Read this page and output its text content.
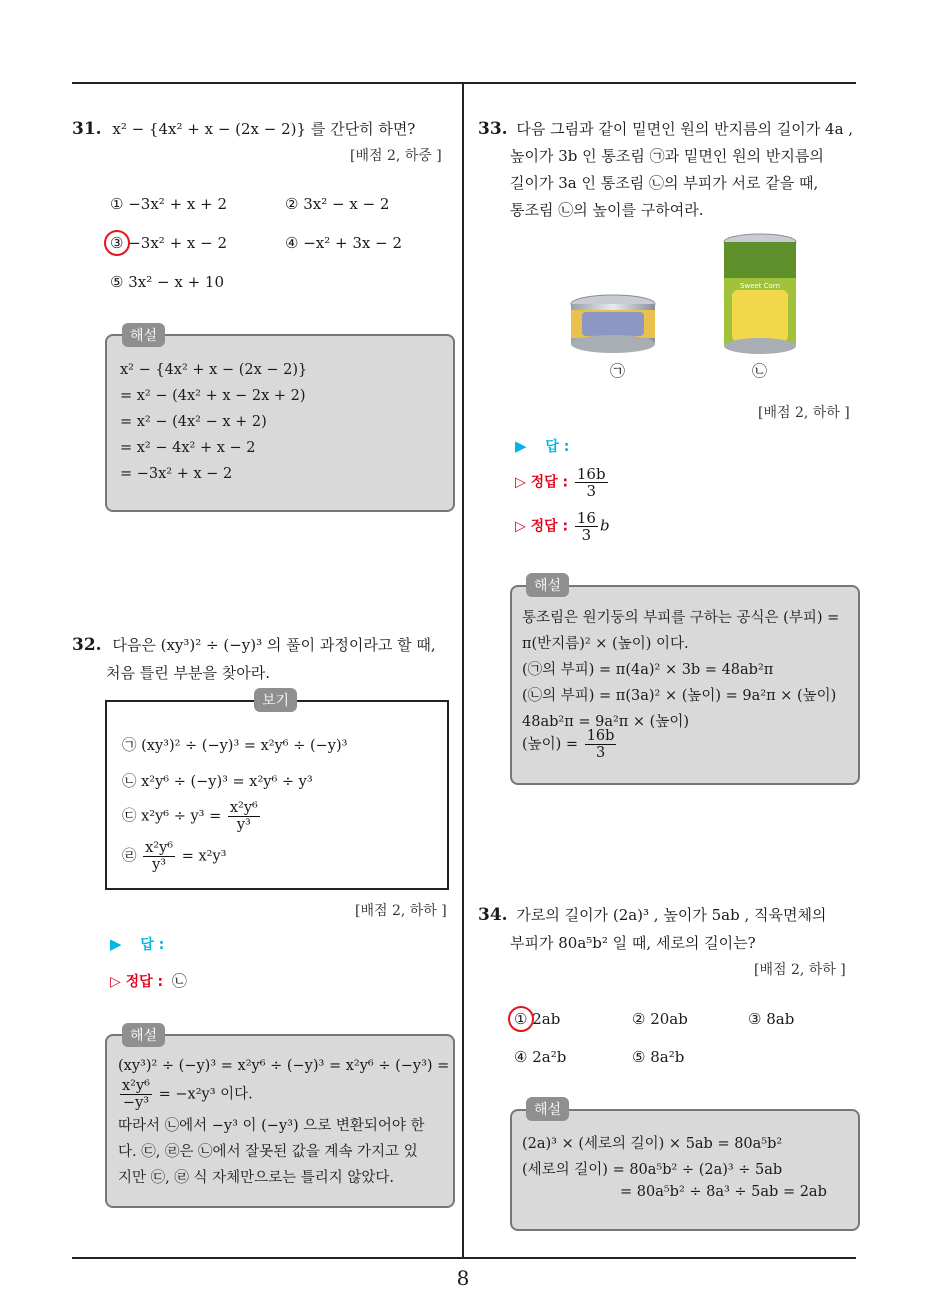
8
31. x² − {4x² + x − (2x − 2)} 를 간단히 하면?
[배점 2, 하중 ]
① −3x² + x + 2	② 3x² − x − 2
③ −3x² + x − 2	④ −x² + 3x − 2
⑤ 3x² − x + 10
해설
x² − {4x² + x − (2x − 2)}
= x² − (4x² + x − 2x + 2)
= x² − (4x² − x + 2)
= x² − 4x² + x − 2
= −3x² + x − 2
32. 다음은 (xy³)² ÷ (−y)³ 의 풀이 과정이라고 할 때,
처음 틀린 부분을 찾아라.
보기
㉠ (xy³)² ÷ (−y)³ = x²y⁶ ÷ (−y)³
㉡ x²y⁶ ÷ (−y)³ = x²y⁶ ÷ y³
㉢ $x^2y^6 \div y^3 = \frac{\text{x²y⁶}}{\text{y³}}$
㉣ $\frac{\text{x²y⁶}}{\text{y³}} = x^2y^3$
[배점 2, 하하 ]
▶ 답 :
▷ 정답 : ㉡
해설
(xy³)² ÷ (−y)³ = x²y⁶ ÷ (−y)³ = x²y⁶ ÷ (−y³) =
$\frac{\text{x²y⁶}}{\text{−y³}} = -x^2y^3$ 이다.
따라서 ㉡에서 −y³ 이 (−y³) 으로 변환되어야 한
다. ㉢, ㉣은 ㉡에서 잘못된 값을 계속 가지고 있
지만 ㉢, ㉣ 식 자체만으로는 틀리지 않았다.
33. 다음 그림과 같이 밑면인 원의 반지름의 길이가 4a ,
높이가 3b 인 통조림 ㉠과 밑면인 원의 반지름의
길이가 3a 인 통조림 ㉡의 부피가 서로 같을 때,
통조림 ㉡의 높이를 구하여라.
Sweet Corn
㉠	㉡
[배점 2, 하하 ]
▶ 답 :
▷ 정답 : $\frac{16b}{3}$
▷ 정답 : $\frac{16}{3}$ b
해설
통조림은 원기둥의 부피를 구하는 공식은 (부피) =
π(반지름)² × (높이) 이다.
(㉠의 부피) = π(4a)² × 3b = 48ab²π
(㉡의 부피) = π(3a)² × (높이) = 9a²π × (높이)
48ab²π = 9a²π × (높이)
(높이) = $\frac{16b}{3}$
34. 가로의 길이가 (2a)³ , 높이가 5ab , 직육면체의
부피가 80a⁵b² 일 때, 세로의 길이는?
[배점 2, 하하 ]
① 2ab	② 20ab	③ 8ab
④ 2a²b	⑤ 8a²b
해설
(2a)³ × (세로의 길이) × 5ab = 80a⁵b²
(세로의 길이) = 80a⁵b² ÷ (2a)³ ÷ 5ab
= 80a⁵b² ÷ 8a³ ÷ 5ab = 2ab
